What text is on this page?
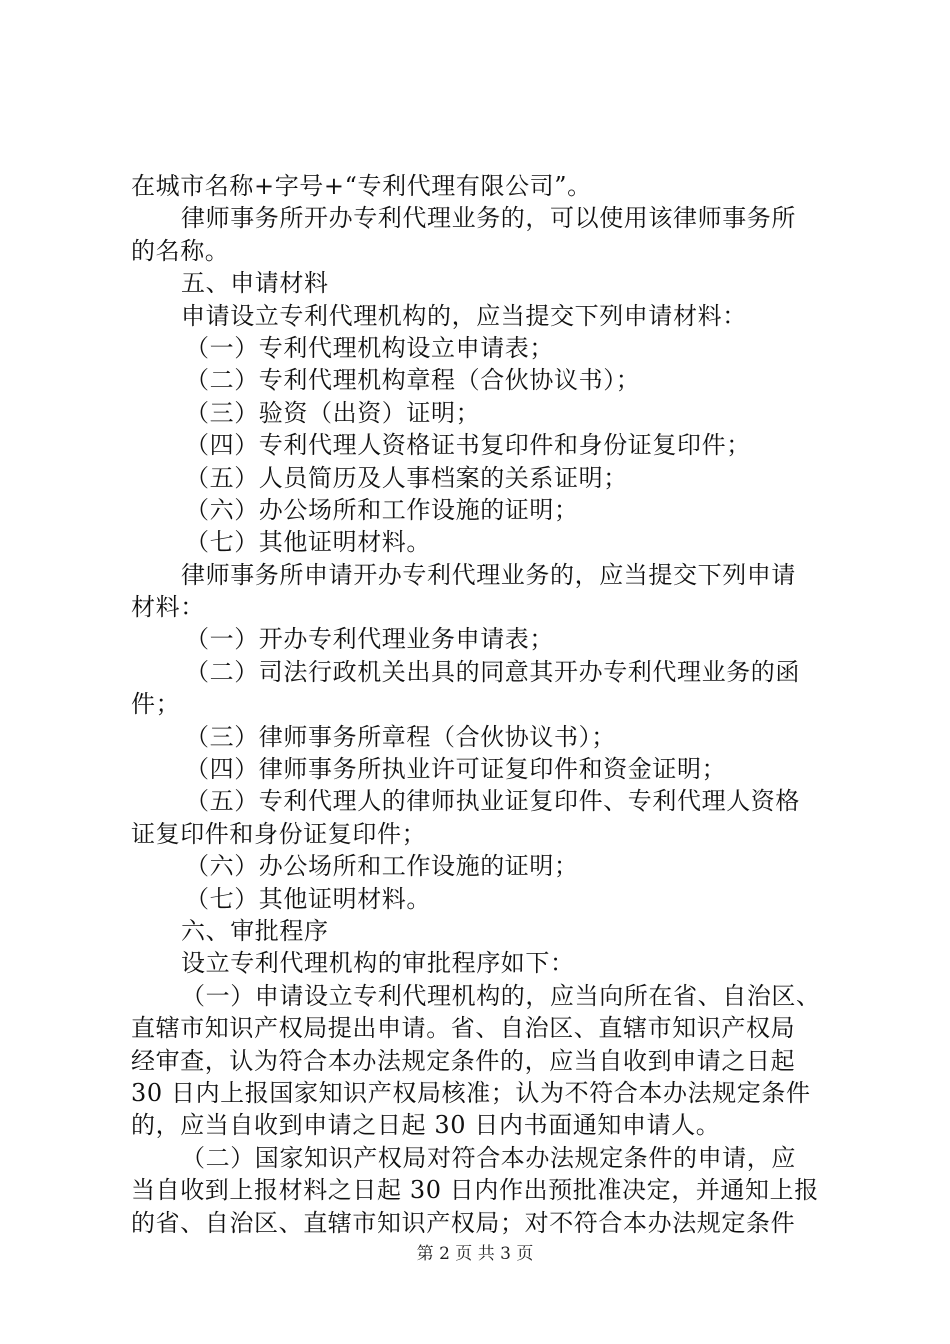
在城市名称+字号+“专利代理有限公司”。
律师事务所开办专利代理业务的，可以使用该律师事务所
的名称。
五、申请材料
申请设立专利代理机构的，应当提交下列申请材料：
（一）专利代理机构设立申请表；
（二）专利代理机构章程（合伙协议书）；
（三）验资（出资）证明；
（四）专利代理人资格证书复印件和身份证复印件；
（五）人员简历及人事档案的关系证明；
（六）办公场所和工作设施的证明；
（七）其他证明材料。
律师事务所申请开办专利代理业务的，应当提交下列申请
材料：
（一）开办专利代理业务申请表；
（二）司法行政机关出具的同意其开办专利代理业务的函
件；
（三）律师事务所章程（合伙协议书）；
（四）律师事务所执业许可证复印件和资金证明；
（五）专利代理人的律师执业证复印件、专利代理人资格
证复印件和身份证复印件；
（六）办公场所和工作设施的证明；
（七）其他证明材料。
六、审批程序
设立专利代理机构的审批程序如下：
（一）申请设立专利代理机构的，应当向所在省、自治区、
直辖市知识产权局提出申请。省、自治区、直辖市知识产权局
经审查，认为符合本办法规定条件的，应当自收到申请之日起
30 日内上报国家知识产权局核准；认为不符合本办法规定条件
的，应当自收到申请之日起 30 日内书面通知申请人。
（二）国家知识产权局对符合本办法规定条件的申请，应
当自收到上报材料之日起 30 日内作出预批准决定，并通知上报
的省、自治区、直辖市知识产权局；对不符合本办法规定条件
第 2 页 共 3 页
